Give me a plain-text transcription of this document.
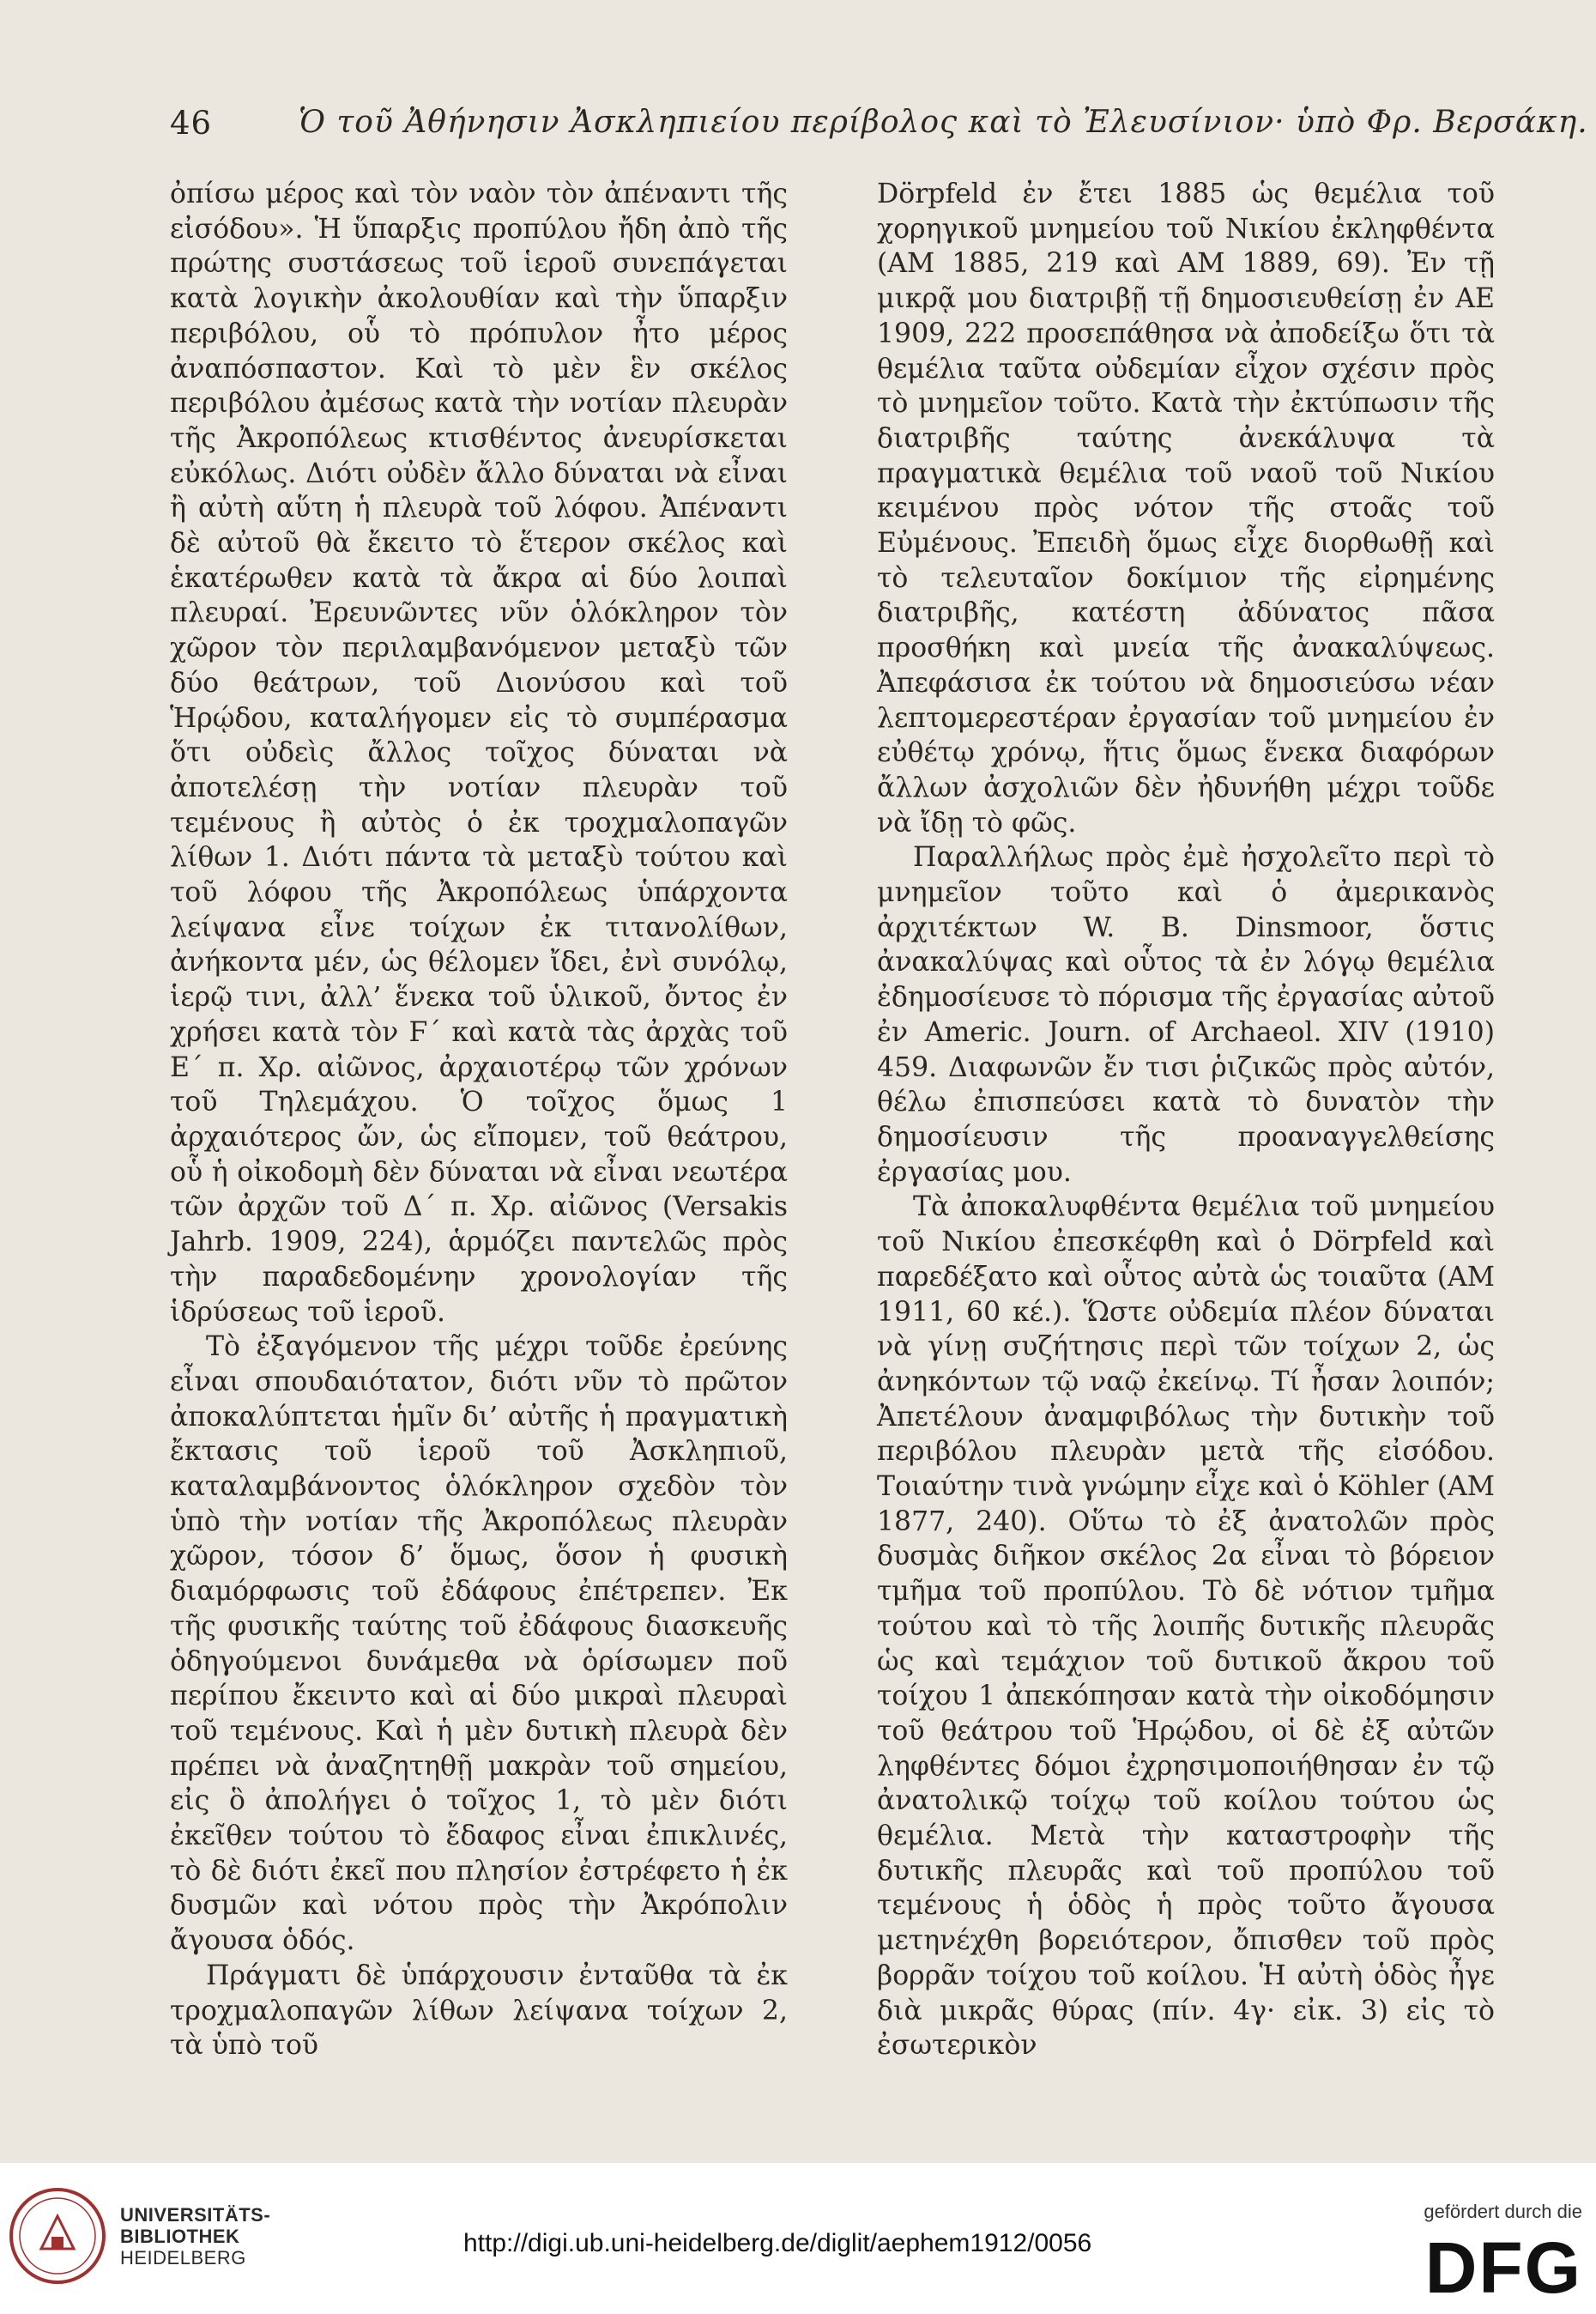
46	Ὁ τοῦ Ἀθήνησιν Ἀσκληπιείου περίβολος καὶ τὸ Ἐλευσίνιον· ὑπὸ Φρ. Βερσάκη.

ὀπίσω μέρος καὶ τὸν ναὸν τὸν ἀπέναντι τῆς εἰσόδου». Ἡ ὕπαρξις προπύλου ἤδη ἀπὸ τῆς πρώτης συστάσεως τοῦ ἱεροῦ συνεπάγεται κατὰ λογικὴν ἀκολουθίαν καὶ τὴν ὕπαρξιν περιβόλου, οὗ τὸ πρόπυλον ἦτο μέρος ἀναπόσπαστον. Καὶ τὸ μὲν ἓν σκέλος περιβόλου ἀμέσως κατὰ τὴν νοτίαν πλευρὰν τῆς Ἀκροπόλεως κτισθέντος ἀνευρίσκεται εὐκόλως. Διότι οὐδὲν ἄλλο δύναται νὰ εἶναι ἢ αὐτὴ αὕτη ἡ πλευρὰ τοῦ λόφου. Ἀπέναντι δὲ αὐτοῦ θὰ ἔκειτο τὸ ἕτερον σκέλος καὶ ἑκατέρωθεν κατὰ τὰ ἄκρα αἱ δύο λοιπαὶ πλευραί. Ἐρευνῶντες νῦν ὁλόκληρον τὸν χῶρον τὸν περιλαμβανόμενον μεταξὺ τῶν δύο θεάτρων, τοῦ Διονύσου καὶ τοῦ Ἡρῴδου, καταλήγομεν εἰς τὸ συμπέρασμα ὅτι οὐδεὶς ἄλλος τοῖχος δύναται νὰ ἀποτελέσῃ τὴν νοτίαν πλευρὰν τοῦ τεμένους ἢ αὐτὸς ὁ ἐκ τροχμαλοπαγῶν λίθων 1. Διότι πάντα τὰ μεταξὺ τούτου καὶ τοῦ λόφου τῆς Ἀκροπόλεως ὑπάρχοντα λείψανα εἶνε τοίχων ἐκ τιτανολίθων, ἀνήκοντα μέν, ὡς θέλομεν ἴδει, ἐνὶ συνόλῳ, ἱερῷ τινι, ἀλλ’ ἕνεκα τοῦ ὑλικοῦ, ὄντος ἐν χρήσει κατὰ τὸν Ϝ´ καὶ κατὰ τὰς ἀρχὰς τοῦ Ε´ π. Χρ. αἰῶνος, ἀρχαιοτέρῳ τῶν χρόνων τοῦ Τηλεμάχου. Ὁ τοῖχος ὅμως 1 ἀρχαιότερος ὤν, ὡς εἴπομεν, τοῦ θεάτρου, οὗ ἡ οἰκοδομὴ δὲν δύναται νὰ εἶναι νεωτέρα τῶν ἀρχῶν τοῦ Δ´ π. Χρ. αἰῶνος (Versakis Jahrb. 1909, 224), ἁρμόζει παντελῶς πρὸς τὴν παραδεδομένην χρονολογίαν τῆς ἱδρύσεως τοῦ ἱεροῦ.

Τὸ ἐξαγόμενον τῆς μέχρι τοῦδε ἐρεύνης εἶναι σπουδαιότατον, διότι νῦν τὸ πρῶτον ἀποκαλύπτεται ἡμῖν δι’ αὐτῆς ἡ πραγματικὴ ἔκτασις τοῦ ἱεροῦ τοῦ Ἀσκληπιοῦ, καταλαμβάνοντος ὁλόκληρον σχεδὸν τὸν ὑπὸ τὴν νοτίαν τῆς Ἀκροπόλεως πλευρὰν χῶρον, τόσον δ’ ὅμως, ὅσον ἡ φυσικὴ διαμόρφωσις τοῦ ἐδάφους ἐπέτρεπεν. Ἐκ τῆς φυσικῆς ταύτης τοῦ ἐδάφους διασκευῆς ὁδηγούμενοι δυνάμεθα νὰ ὁρίσωμεν ποῦ περίπου ἔκειντο καὶ αἱ δύο μικραὶ πλευραὶ τοῦ τεμένους. Καὶ ἡ μὲν δυτικὴ πλευρὰ δὲν πρέπει νὰ ἀναζητηθῇ μακρὰν τοῦ σημείου, εἰς ὃ ἀπολήγει ὁ τοῖχος 1, τὸ μὲν διότι ἐκεῖθεν τούτου τὸ ἔδαφος εἶναι ἐπικλινές, τὸ δὲ διότι ἐκεῖ που πλησίον ἐστρέφετο ἡ ἐκ δυσμῶν καὶ νότου πρὸς τὴν Ἀκρόπολιν ἄγουσα ὁδός.

Πράγματι δὲ ὑπάρχουσιν ἐνταῦθα τὰ ἐκ τροχμαλοπαγῶν λίθων λείψανα τοίχων 2, τὰ ὑπὸ τοῦ

Dörpfeld ἐν ἔτει 1885 ὡς θεμέλια τοῦ χορηγικοῦ μνημείου τοῦ Νικίου ἐκληφθέντα (AM 1885, 219 καὶ AM 1889, 69). Ἐν τῇ μικρᾷ μου διατριβῇ τῇ δημοσιευθείσῃ ἐν ΑΕ 1909, 222 προσεπάθησα νὰ ἀποδείξω ὅτι τὰ θεμέλια ταῦτα οὐδεμίαν εἶχον σχέσιν πρὸς τὸ μνημεῖον τοῦτο. Κατὰ τὴν ἐκτύπωσιν τῆς διατριβῆς ταύτης ἀνεκάλυψα τὰ πραγματικὰ θεμέλια τοῦ ναοῦ τοῦ Νικίου κειμένου πρὸς νότον τῆς στοᾶς τοῦ Εὐμένους. Ἐπειδὴ ὅμως εἶχε διορθωθῇ καὶ τὸ τελευταῖον δοκίμιον τῆς εἰρημένης διατριβῆς, κατέστη ἀδύνατος πᾶσα προσθήκη καὶ μνεία τῆς ἀνακαλύψεως. Ἀπεφάσισα ἐκ τούτου νὰ δημοσιεύσω νέαν λεπτομερεστέραν ἐργασίαν τοῦ μνημείου ἐν εὐθέτῳ χρόνῳ, ἥτις ὅμως ἕνεκα διαφόρων ἄλλων ἀσχολιῶν δὲν ἠδυνήθη μέχρι τοῦδε νὰ ἴδῃ τὸ φῶς.

Παραλλήλως πρὸς ἐμὲ ἠσχολεῖτο περὶ τὸ μνημεῖον τοῦτο καὶ ὁ ἀμερικανὸς ἀρχιτέκτων W. B. Dinsmoor, ὅστις ἀνακαλύψας καὶ οὗτος τὰ ἐν λόγῳ θεμέλια ἐδημοσίευσε τὸ πόρισμα τῆς ἐργασίας αὐτοῦ ἐν Americ. Journ. of Archaeol. XIV (1910) 459. Διαφωνῶν ἔν τισι ῥιζικῶς πρὸς αὐτόν, θέλω ἐπισπεύσει κατὰ τὸ δυνατὸν τὴν δημοσίευσιν τῆς προαναγγελθείσης ἐργασίας μου.

Τὰ ἀποκαλυφθέντα θεμέλια τοῦ μνημείου τοῦ Νικίου ἐπεσκέφθη καὶ ὁ Dörpfeld καὶ παρεδέξατο καὶ οὗτος αὐτὰ ὡς τοιαῦτα (AM 1911, 60 κέ.). Ὥστε οὐδεμία πλέον δύναται νὰ γίνῃ συζήτησις περὶ τῶν τοίχων 2, ὡς ἀνηκόντων τῷ ναῷ ἐκείνῳ. Τί ἦσαν λοιπόν; Ἀπετέλουν ἀναμφιβόλως τὴν δυτικὴν τοῦ περιβόλου πλευρὰν μετὰ τῆς εἰσόδου. Τοιαύτην τινὰ γνώμην εἶχε καὶ ὁ Köhler (AM 1877, 240). Οὕτω τὸ ἐξ ἀνατολῶν πρὸς δυσμὰς διῆκον σκέλος 2α εἶναι τὸ βόρειον τμῆμα τοῦ προπύλου. Τὸ δὲ νότιον τμῆμα τούτου καὶ τὸ τῆς λοιπῆς δυτικῆς πλευρᾶς ὡς καὶ τεμάχιον τοῦ δυτικοῦ ἄκρου τοῦ τοίχου 1 ἀπεκόπησαν κατὰ τὴν οἰκοδόμησιν τοῦ θεάτρου τοῦ Ἡρῴδου, οἱ δὲ ἐξ αὐτῶν ληφθέντες δόμοι ἐχρησιμοποιήθησαν ἐν τῷ ἀνατολικῷ τοίχῳ τοῦ κοίλου τούτου ὡς θεμέλια. Μετὰ τὴν καταστροφὴν τῆς δυτικῆς πλευρᾶς καὶ τοῦ προπύλου τοῦ τεμένους ἡ ὁδὸς ἡ πρὸς τοῦτο ἄγουσα μετηνέχθη βορειότερον, ὄπισθεν τοῦ πρὸς βορρᾶν τοίχου τοῦ κοίλου. Ἡ αὐτὴ ὁδὸς ἦγε διὰ μικρᾶς θύρας (πίν. 4γ· εἰκ. 3) εἰς τὸ ἐσωτερικὸν

UNIVERSITÄTS-
BIBLIOTHEK
HEIDELBERG
http://digi.ub.uni-heidelberg.de/diglit/aephem1912/0056
gefördert durch die
DFG
